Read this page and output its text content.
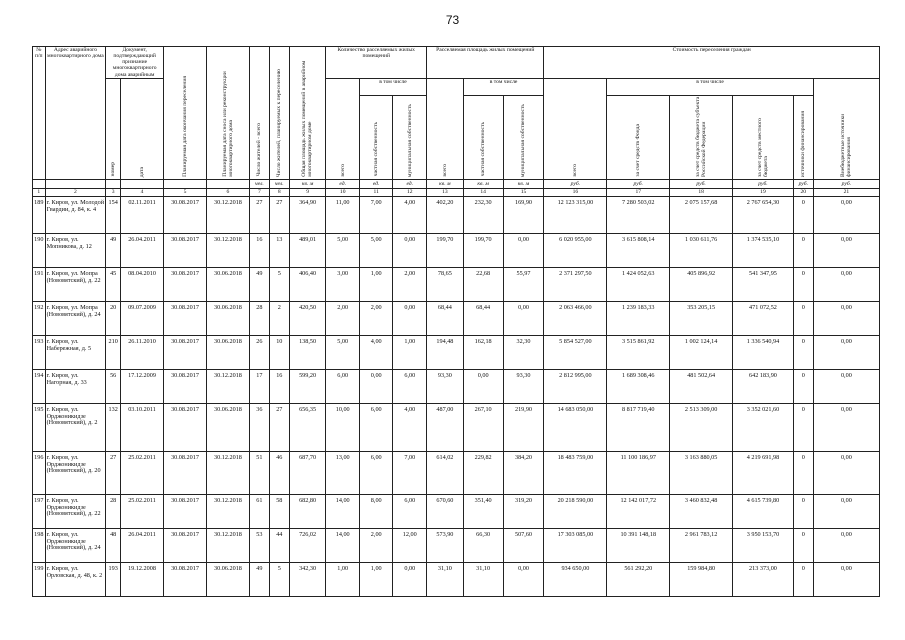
73
№ п/п	Адрес аварийного многоквартирного дома	Документ, подтверждающий признание многоквартирного дома аварийным		Планируемая дата окончания переселения	Планируемая дата сноса или реконструкции многоквартирного дома	Число жителей - всего	Число жителей, планируемых к переселению	Общая площадь жилых помещений в аварийном многоквартирном доме	Количество расселяемых жилых помещений			Расселяемая площадь жилых помещений			Стоимость переселения граждан					

		номер	дата						всего	в том числе		всего	в том числе		всего	в том числе				Внебюджетные источники финансирования

										частная собственность	муниципальная собственность		частная собственность	муниципальная собственность		за счет средств Фонда	за счет средств бюджета субъекта Российской Федерации	за счет средств местного бюджета	источники финансирования	

						чел.	чел.	кв. м	ед.	ед.	ед.	кв. м	кв. м	кв. м	руб.	руб.	руб.	руб.	руб.	руб.
1	2	3	4	5	6	7	8	9	10	11	12	13	14	15	16	17	18	19	20	21
189	г. Киров, ул. Молодой Гвардии, д. 84, к. 4	154	02.11.2011	30.08.2017	30.12.2018	27	27	364,90	11,00	7,00	4,00	402,20	232,30	169,90	12 123 315,00	7 280 503,02	2 075 157,68	2 767 654,30	0	0,00
190	г. Киров, ул. Мопникова, д. 12	49	26.04.2011	30.08.2017	30.12.2018	16	13	489,01	5,00	5,00	0,00	199,70	199,70	0,00	6 020 955,00	3 615 808,14	1 030 611,76	1 374 535,10	0	0,00
191	г. Киров, ул. Мопра (Нововятский), д. 22	45	08.04.2010	30.08.2017	30.06.2018	49	5	406,40	3,00	1,00	2,00	78,65	22,68	55,97	2 371 297,50	1 424 052,63	405 896,92	541 347,95	0	0,00
192	г. Киров, ул. Мопра (Нововятский), д. 24	20	09.07.2009	30.08.2017	30.06.2018	28	2	420,50	2,00	2,00	0,00	68,44	68,44	0,00	2 063 466,00	1 239 183,33	353 205,15	471 072,52	0	0,00
193	г. Киров, ул. Набережная, д. 5	210	26.11.2010	30.08.2017	30.06.2018	26	10	138,50	5,00	4,00	1,00	194,48	162,18	32,30	5 854 527,00	3 515 861,92	1 002 124,14	1 336 540,94	0	0,00
194	г. Киров, ул. Нагорная, д. 33	56	17.12.2009	30.08.2017	30.12.2018	17	16	599,20	6,00	0,00	6,00	93,30	0,00	93,30	2 812 995,00	1 689 308,46	481 502,64	642 183,90	0	0,00
195	г. Киров, ул. Орджоникидзе (Нововятский), д. 2	132	03.10.2011	30.08.2017	30.06.2018	36	27	656,35	10,00	6,00	4,00	487,00	267,10	219,90	14 683 050,00	8 817 719,40	2 513 309,00	3 352 021,60	0	0,00
196	г. Киров, ул. Орджоникидзе (Нововятский), д. 20	27	25.02.2011	30.08.2017	30.12.2018	51	46	687,70	13,00	6,00	7,00	614,02	229,82	384,20	18 483 759,00	11 100 186,97	3 163 880,05	4 219 691,98	0	0,00
197	г. Киров, ул. Орджоникидзе (Нововятский), д. 22	28	25.02.2011	30.08.2017	30.12.2018	61	58	682,80	14,00	8,00	6,00	670,60	351,40	319,20	20 218 590,00	12 142 017,72	3 460 832,48	4 615 739,80	0	0,00
198	г. Киров, ул. Орджоникидзе (Нововятский), д. 24	48	26.04.2011	30.08.2017	30.12.2018	53	44	726,02	14,00	2,00	12,00	573,90	66,30	507,60	17 303 085,00	10 391 148,18	2 961 783,12	3 950 153,70	0	0,00
199	г. Киров, ул. Орловская, д. 48, к. 2	193	19.12.2008	30.08.2017	30.06.2018	49	5	342,30	1,00	1,00	0,00	31,10	31,10	0,00	934 650,00	561 292,20	159 984,80	213 373,00	0	0,00
